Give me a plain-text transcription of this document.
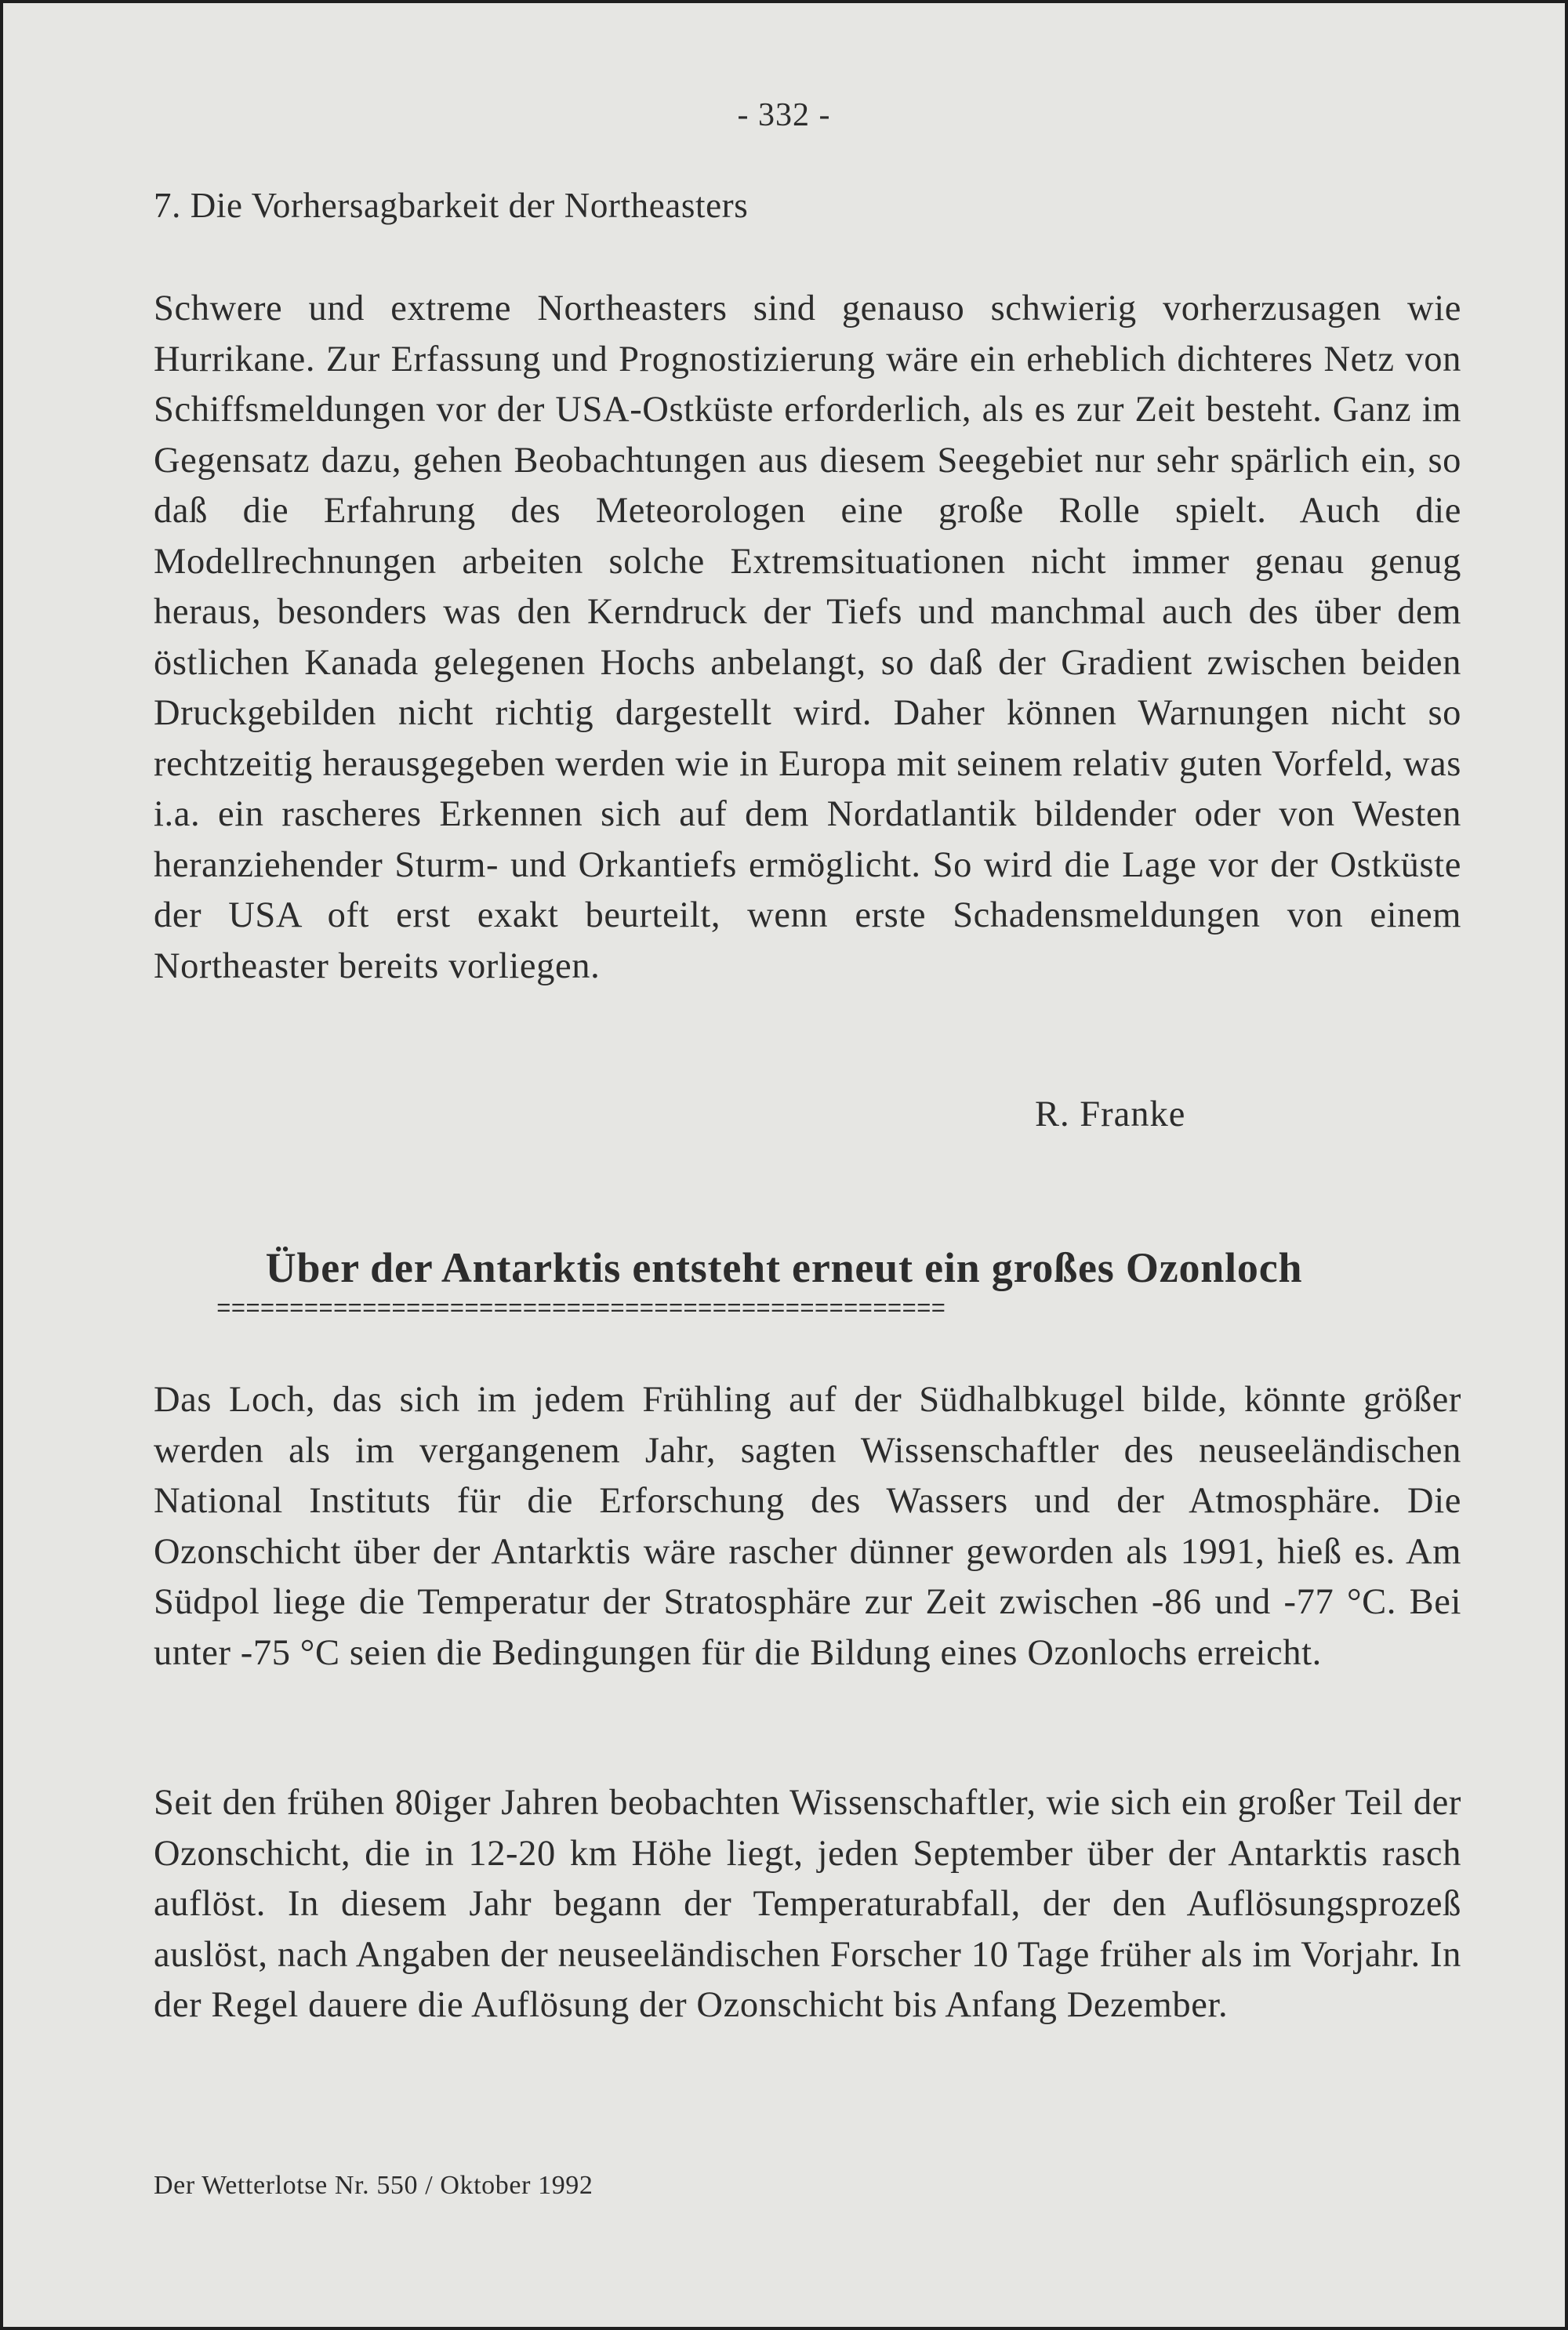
- 332 -
7. Die Vorhersagbarkeit der Northeasters

Schwere und extreme Northeasters sind genauso schwierig vorherzusagen wie Hurrikane. Zur Erfassung und Prognostizierung wäre ein erheblich dichteres Netz von Schiffsmeldungen vor der USA-Ostküste erforderlich, als es zur Zeit besteht. Ganz im Gegensatz dazu, gehen Beobachtungen aus diesem Seegebiet nur sehr spärlich ein, so daß die Erfahrung des Meteorologen eine große Rolle spielt. Auch die Modellrechnungen arbeiten solche Extremsituationen nicht immer genau genug heraus, besonders was den Kerndruck der Tiefs und manchmal auch des über dem östlichen Kanada gelegenen Hochs anbelangt, so daß der Gradient zwischen beiden Druckgebilden nicht richtig dargestellt wird. Daher können Warnungen nicht so rechtzeitig herausgegeben werden wie in Europa mit seinem relativ guten Vorfeld, was i.a. ein rascheres Erkennen sich auf dem Nordatlantik bildender oder von Westen heranziehender Sturm- und Orkantiefs ermöglicht. So wird die Lage vor der Ostküste der USA oft erst exakt beurteilt, wenn erste Schadensmeldungen von einem Northeaster bereits vorliegen.

R. Franke
Über der Antarktis entsteht erneut ein großes Ozonloch
==================================================

Das Loch, das sich im jedem Frühling auf der Südhalbkugel bilde, könnte größer werden als im vergangenem Jahr, sagten Wissenschaftler des neuseeländischen National Instituts für die Erforschung des Wassers und der Atmosphäre. Die Ozonschicht über der Antarktis wäre rascher dünner geworden als 1991, hieß es. Am Südpol liege die Temperatur der Stratosphäre zur Zeit zwischen -86 und -77 °C. Bei unter -75 °C seien die Bedingungen für die Bildung eines Ozonlochs erreicht.

Seit den frühen 80iger Jahren beobachten Wissenschaftler, wie sich ein großer Teil der Ozonschicht, die in 12-20 km Höhe liegt, jeden September über der Antarktis rasch auflöst. In diesem Jahr begann der Temperaturabfall, der den Auflösungsprozeß auslöst, nach Angaben der neuseeländischen Forscher 10 Tage früher als im Vorjahr. In der Regel dauere die Auflösung der Ozonschicht bis Anfang Dezember.

Der Wetterlotse Nr. 550 / Oktober 1992
